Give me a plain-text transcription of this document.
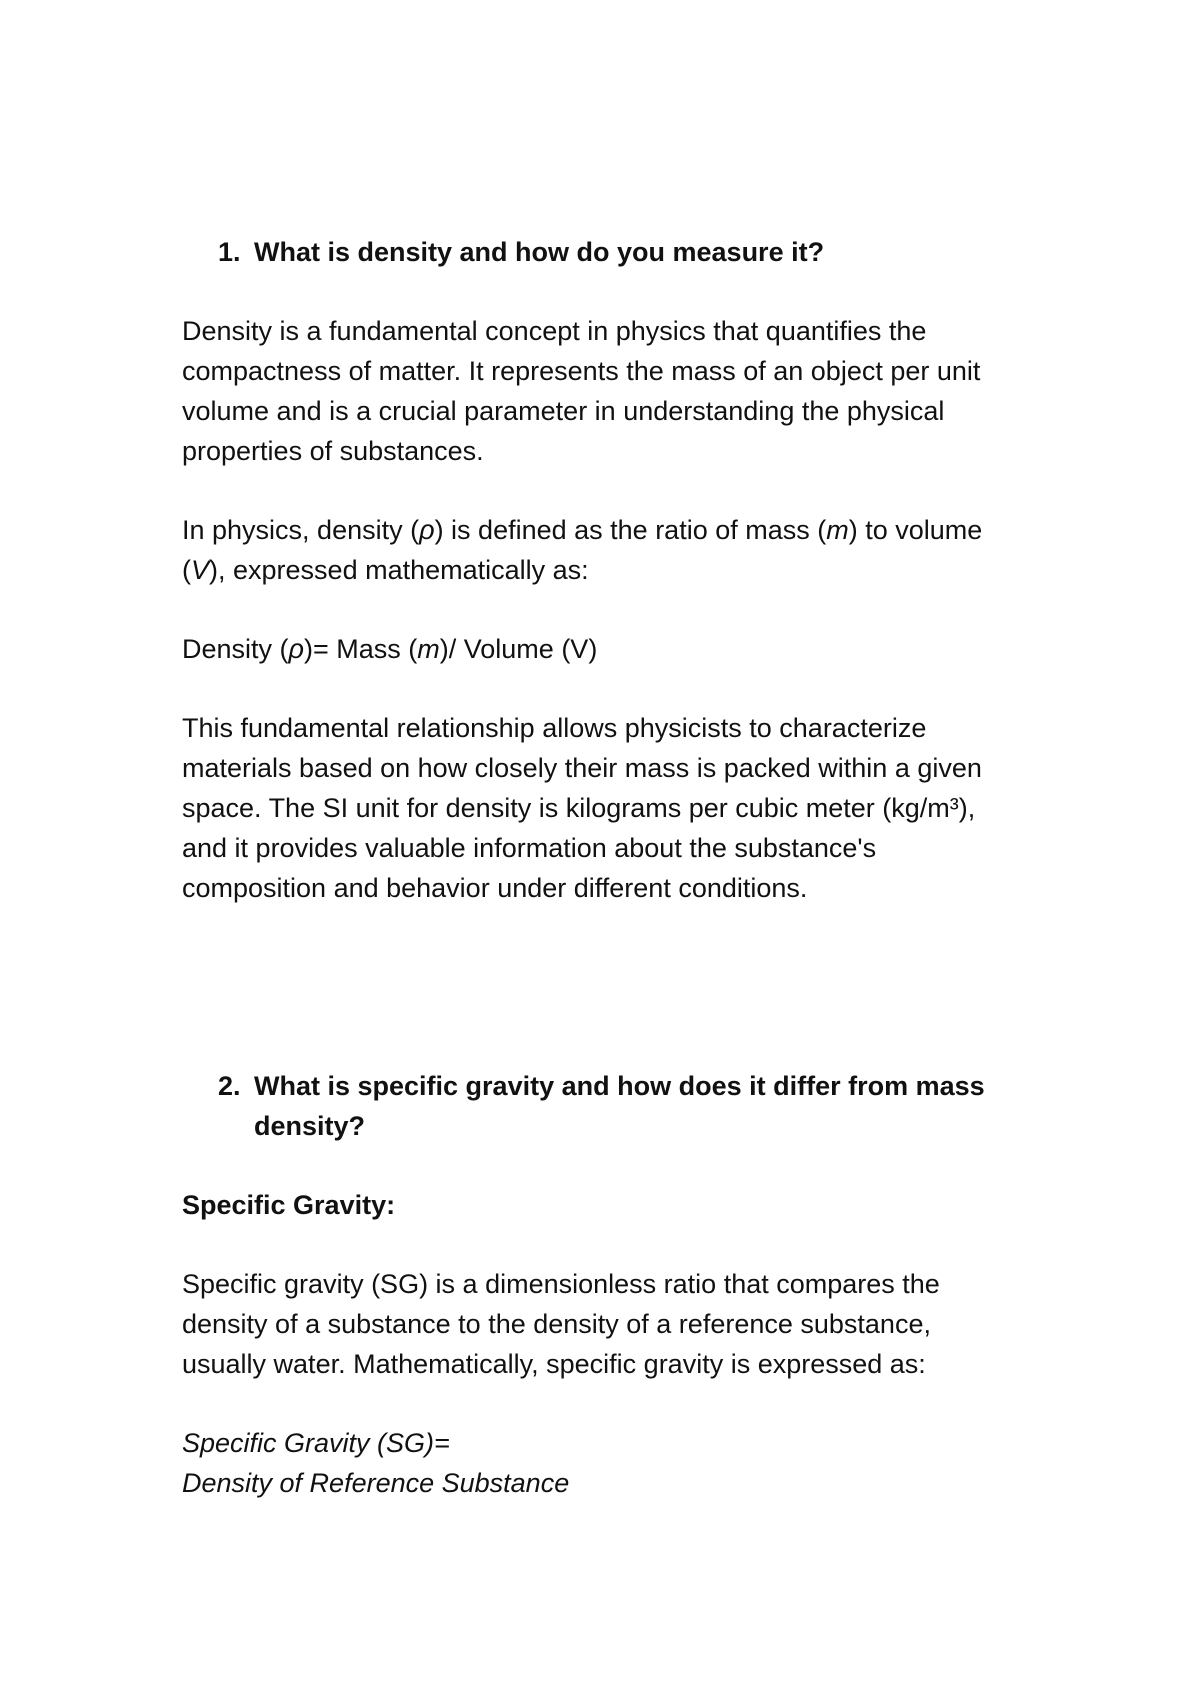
1. What is density and how do you measure it?

Density is a fundamental concept in physics that quantifies the compactness of matter. It represents the mass of an object per unit volume and is a crucial parameter in understanding the physical properties of substances.

In physics, density (ρ) is defined as the ratio of mass (m) to volume (V), expressed mathematically as:

Density (ρ)= Mass (m)/ Volume (V)

This fundamental relationship allows physicists to characterize materials based on how closely their mass is packed within a given space. The SI unit for density is kilograms per cubic meter (kg/m³), and it provides valuable information about the substance's composition and behavior under different conditions.

2. What is specific gravity and how does it differ from mass density?

Specific Gravity:

Specific gravity (SG) is a dimensionless ratio that compares the density of a substance to the density of a reference substance, usually water. Mathematically, specific gravity is expressed as:

Specific Gravity (SG)=
Density of Reference Substance
